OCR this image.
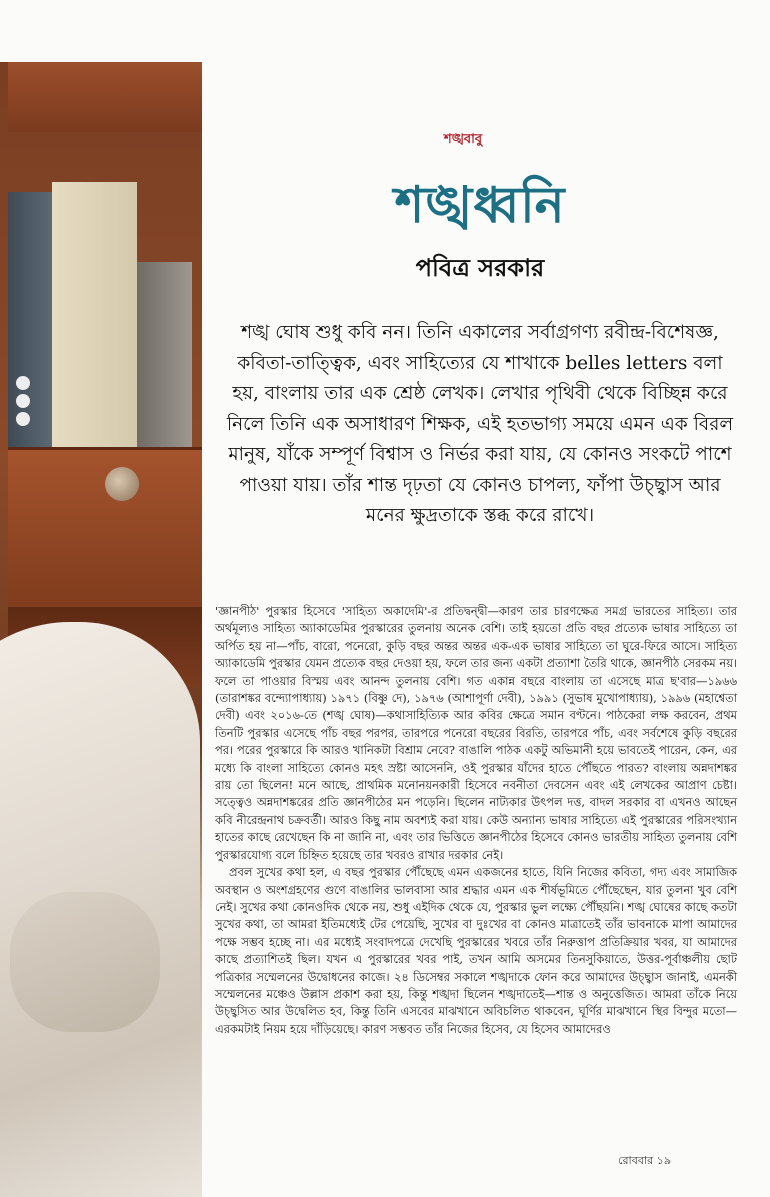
শঙ্খবাবু
শঙ্খধ্বনি
পবিত্র সরকার
শঙ্খ ঘোষ শুধু কবি নন। তিনি একালের সর্বাগ্রগণ্য রবীন্দ্র-বিশেষজ্ঞ, কবিতা-তাত্ত্বিক, এবং সাহিত্যের যে শাখাকে belles letters বলা হয়, বাংলায় তার এক শ্রেষ্ঠ লেখক। লেখার পৃথিবী থেকে বিচ্ছিন্ন করে নিলে তিনি এক অসাধারণ শিক্ষক, এই হতভাগ্য সময়ে এমন এক বিরল মানুষ, যাঁকে সম্পূর্ণ বিশ্বাস ও নির্ভর করা যায়, যে কোনও সংকটে পাশে পাওয়া যায়। তাঁর শান্ত দৃঢ়তা যে কোনও চাপল্য, ফাঁপা উচ্ছ্বাস আর মনের ক্ষুদ্রতাকে স্তব্ধ করে রাখে।

'জ্ঞানপীঠ' পুরস্কার হিসেবে 'সাহিত্য অকাদেমি'-র প্রতিদ্বন্দ্বী—কারণ তার চারণক্ষেত্র সমগ্র ভারতের সাহিত্য। তার অর্থমূল্যও সাহিত্য অ্যাকাডেমির পুরস্কারের তুলনায় অনেক বেশি। তাই হয়তো প্রতি বছর প্রত্যেক ভাষার সাহিত্যে তা অর্পিত হয় না—পাঁচ, বারো, পনেরো, কুড়ি বছর অন্তর অন্তর এক-এক ভাষার সাহিত্যে তা ঘুরে-ফিরে আসে। সাহিত্য অ্যাকাডেমি পুরস্কার যেমন প্রত্যেক বছর দেওয়া হয়, ফলে তার জন্য একটা প্রত্যাশা তৈরি থাকে, জ্ঞানপীঠ সেরকম নয়। ফলে তা পাওয়ার বিস্ময় এবং আনন্দ তুলনায় বেশি। গত একান্ন বছরে বাংলায় তা এসেছে মাত্র ছ'বার—১৯৬৬ (তারাশঙ্কর বন্দ্যোপাধ্যায়) ১৯৭১ (বিষ্ণু দে), ১৯৭৬ (আশাপূর্ণা দেবী), ১৯৯১ (সুভাষ মুখোপাধ্যায়), ১৯৯৬ (মহাশ্বেতা দেবী) এবং ২০১৬-তে (শঙ্খ ঘোষ)—কথাসাহিত্যিক আর কবির ক্ষেত্রে সমান বণ্টনে। পাঠকেরা লক্ষ করবেন, প্রথম তিনটি পুরস্কার এসেছে পাঁচ বছর পরপর, তারপরে পনেরো বছরের বিরতি, তারপরে পাঁচ, এবং সর্বশেষে কুড়ি বছরের পর। পরের পুরস্কারে কি আরও খানিকটা বিশ্রাম নেবে? বাঙালি পাঠক একটু অভিমানী হয়ে ভাবতেই পারেন, কেন, এর মধ্যে কি বাংলা সাহিত্যে কোনও মহৎ স্রষ্টা আসেননি, ওই পুরস্কার যাঁদের হাতে পৌঁছতে পারত? বাংলায় অন্নদাশঙ্কর রায় তো ছিলেন! মনে আছে, প্রাথমিক মনোনয়নকারী হিসেবে নবনীতা দেবসেন এবং এই লেখকের আপ্রাণ চেষ্টা। সত্ত্বেও অন্নদাশঙ্করের প্রতি জ্ঞানপীঠের মন পড়েনি। ছিলেন নাট্যকার উৎপল দত্ত, বাদল সরকার বা এখনও আছেন কবি নীরেন্দ্রনাথ চক্রবর্তী। আরও কিছু নাম অবশ্যই করা যায়। কেউ অন্যান্য ভাষার সাহিত্যে এই পুরস্কারের পরিসংখ্যান হাতের কাছে রেখেছেন কি না জানি না, এবং তার ভিত্তিতে জ্ঞানপীঠের হিসেবে কোনও ভারতীয় সাহিত্য তুলনায় বেশি পুরস্কারযোগ্য বলে চিহ্নিত হয়েছে তার খবরও রাখার দরকার নেই।

প্রবল সুখের কথা হল, এ বছর পুরস্কার পৌঁছেছে এমন একজনের হাতে, যিনি নিজের কবিতা, গদ্য এবং সামাজিক অবস্থান ও অংশগ্রহণের গুণে বাঙালির ভালবাসা আর শ্রদ্ধার এমন এক শীর্ষভূমিতে পৌঁছেছেন, যার তুলনা খুব বেশি নেই। সুখের কথা কোনওদিক থেকে নয়, শুধু এইদিক থেকে যে, পুরস্কার ভুল লক্ষ্যে পৌঁছয়নি। শঙ্খ ঘোষের কাছে কতটা সুখের কথা, তা আমরা ইতিমধ্যেই টের পেয়েছি, সুখের বা দুঃখের বা কোনও মাত্রাতেই তাঁর ভাবনাকে মাপা আমাদের পক্ষে সম্ভব হচ্ছে না। এর মধ্যেই সংবাদপত্রে দেখেছি পুরস্কারের খবরে তাঁর নিরুত্তাপ প্রতিক্রিয়ার খবর, যা আমাদের কাছে প্রত্যাশিতই ছিল। যখন এ পুরস্কারের খবর পাই, তখন আমি অসমের তিনসুকিয়াতে, উত্তর-পূর্বাঞ্চলীয় ছোট পত্রিকার সম্মেলনের উদ্বোধনের কাজে। ২৪ ডিসেম্বর সকালে শঙ্খদাকে ফোন করে আমাদের উচ্ছ্বাস জানাই, এমনকী সম্মেলনের মঞ্চেও উল্লাস প্রকাশ করা হয়, কিন্তু শঙ্খদা ছিলেন শঙ্খদাতেই—শান্ত ও অনুত্তেজিত। আমরা তাঁকে নিয়ে উচ্ছ্বসিত আর উদ্বেলিত হব, কিন্তু তিনি এসবের মাঝখানে অবিচলিত থাকবেন, ঘূর্ণির মাঝখানে স্থির বিন্দুর মতো—এরকমটাই নিয়ম হয়ে দাঁড়িয়েছে। কারণ সম্ভবত তাঁর নিজের হিসেব, যে হিসেব আমাদেরও

রোববার ১৯
